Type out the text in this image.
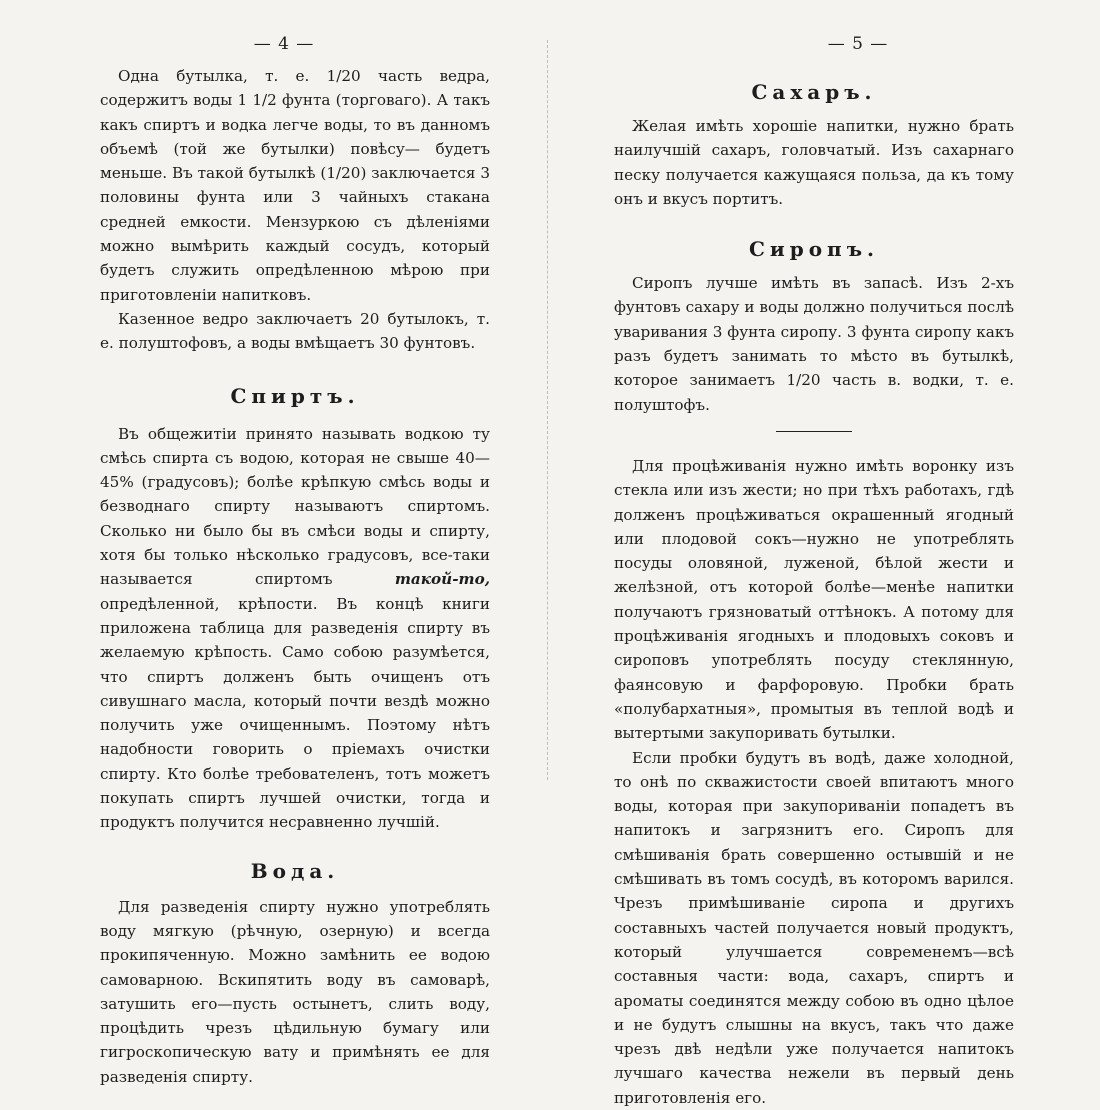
— 4 —

Одна бутылка, т. е. 1/20 часть ведра, содержитъ воды 1 1/2 фунта (торговаго). А такъ какъ спиртъ и водка легче воды, то въ данномъ объемѣ (той же бутылки) повѣсу— будетъ меньше. Въ такой бутылкѣ (1/20) заключается 3 половины фунта или 3 чайныхъ стакана средней емкости. Мензуркою съ дѣленіями можно вымѣрить каждый сосудъ, который будетъ служить опредѣленною мѣрою при приготовленіи напитковъ.

Казенное ведро заключаетъ 20 бутылокъ, т. е. полуштофовъ, а воды вмѣщаетъ 30 фунтовъ.

Спиртъ.

Въ общежитіи принято называть водкою ту смѣсь спирта съ водою, которая не свыше 40—45% (градусовъ); болѣе крѣпкую смѣсь воды и безводнаго спирту называютъ спиртомъ. Сколько ни было бы въ смѣси воды и спирту, хотя бы только нѣсколько градусовъ, все-таки называется спиртомъ такой-то, опредѣленной, крѣпости. Въ концѣ книги приложена таблица для разведенія спирту въ желаемую крѣпость. Само собою разумѣется, что спиртъ долженъ быть очищенъ отъ сивушнаго масла, который почти вездѣ можно получить уже очищеннымъ. Поэтому нѣтъ надобности говорить о пріемахъ очистки спирту. Кто болѣе требователенъ, тотъ можетъ покупать спиртъ лучшей очистки, тогда и продуктъ получится несравненно лучшій.

Вода.

Для разведенія спирту нужно употреблять воду мягкую (рѣчную, озерную) и всегда прокипяченную. Можно замѣнить ее водою самоварною. Вскипятить воду въ самоварѣ, затушить его—пусть остынетъ, слить воду, процѣдить чрезъ цѣдильную бумагу или гигроскопическую вату и примѣнять ее для разведенія спирту.

— 5 —
Сахаръ.

Желая имѣть хорошіе напитки, нужно брать наилучшій сахаръ, головчатый. Изъ сахарнаго песку получается кажущаяся польза, да къ тому онъ и вкусъ портитъ.

Сиропъ.

Сиропъ лучше имѣть въ запасѣ. Изъ 2-хъ фунтовъ сахару и воды должно получиться послѣ уваривания 3 фунта сиропу. 3 фунта сиропу какъ разъ будетъ занимать то мѣсто въ бутылкѣ, которое занимаетъ 1/20 часть в. водки, т. е. полуштофъ.

Для процѣживанія нужно имѣть воронку изъ стекла или изъ жести; но при тѣхъ работахъ, гдѣ долженъ процѣживаться окрашенный ягодный или плодовой сокъ—нужно не употреблять посуды оловяной, луженой, бѣлой жести и желѣзной, отъ которой болѣе—менѣе напитки получаютъ грязноватый оттѣнокъ. А потому для процѣживанія ягодныхъ и плодовыхъ соковъ и сироповъ употреблять посуду стеклянную, фаянсовую и фарфоровую. Пробки брать «полубархатныя», промытыя въ теплой водѣ и вытертыми закупоривать бутылки.

Если пробки будутъ въ водѣ, даже холодной, то онѣ по скважистости своей впитаютъ много воды, которая при закупориваніи попадетъ въ напитокъ и загрязнитъ его. Сиропъ для смѣшиванія брать совершенно остывшій и не смѣшивать въ томъ сосудѣ, въ которомъ варился. Чрезъ примѣшиваніе сиропа и другихъ составныхъ частей получается новый продуктъ, который улучшается современемъ—всѣ составныя части: вода, сахаръ, спиртъ и ароматы соединятся между собою въ одно цѣлое и не будутъ слышны на вкусъ, такъ что даже чрезъ двѣ недѣли уже получается напитокъ лучшаго качества нежели въ первый день приготовленія его.
